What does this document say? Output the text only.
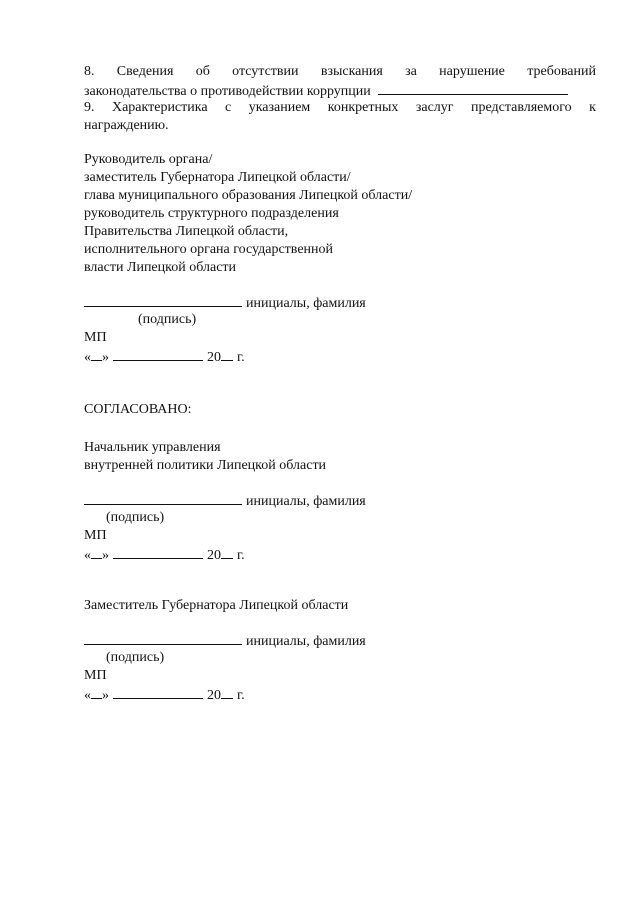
8. Сведения об отсутствии взыскания за нарушение требований
законодательства о противодействии коррупции
9. Характеристика с указанием конкретных заслуг представляемого к
награждению.
Руководитель органа/
заместитель Губернатора Липецкой области/
глава муниципального образования Липецкой области/
руководитель структурного подразделения
Правительства Липецкой области,
исполнительного органа государственной
власти Липецкой области
инициалы, фамилия
(подпись)
МП
« »	20 г.
СОГЛАСОВАНО:
Начальник управления
внутренней политики Липецкой области
инициалы, фамилия
(подпись)
МП
« »	20 г.
Заместитель Губернатора Липецкой области
инициалы, фамилия
(подпись)
МП
« »	20 г.
